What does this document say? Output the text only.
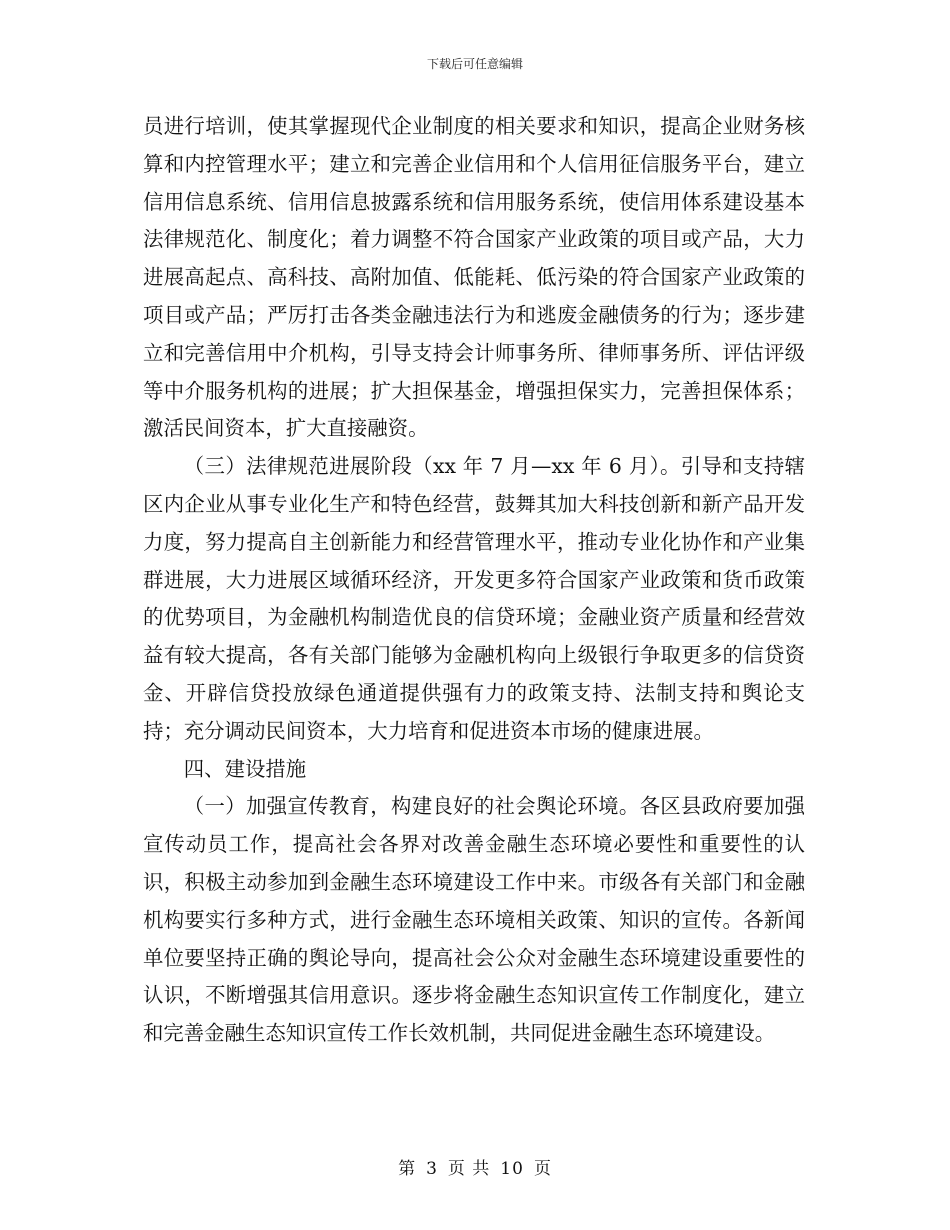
下载后可任意编辑

员进行培训，使其掌握现代企业制度的相关要求和知识，提高企业财务核算和内控管理水平；建立和完善企业信用和个人信用征信服务平台，建立信用信息系统、信用信息披露系统和信用服务系统，使信用体系建设基本法律规范化、制度化；着力调整不符合国家产业政策的项目或产品，大力进展高起点、高科技、高附加值、低能耗、低污染的符合国家产业政策的项目或产品；严厉打击各类金融违法行为和逃废金融债务的行为；逐步建立和完善信用中介机构，引导支持会计师事务所、律师事务所、评估评级等中介服务机构的进展；扩大担保基金，增强担保实力，完善担保体系；激活民间资本，扩大直接融资。

（三）法律规范进展阶段（xx 年 7 月—xx 年 6 月）。引导和支持辖区内企业从事专业化生产和特色经营，鼓舞其加大科技创新和新产品开发力度，努力提高自主创新能力和经营管理水平，推动专业化协作和产业集群进展，大力进展区域循环经济，开发更多符合国家产业政策和货币政策的优势项目，为金融机构制造优良的信贷环境；金融业资产质量和经营效益有较大提高，各有关部门能够为金融机构向上级银行争取更多的信贷资金、开辟信贷投放绿色通道提供强有力的政策支持、法制支持和舆论支持；充分调动民间资本，大力培育和促进资本市场的健康进展。

四、建设措施

（一）加强宣传教育，构建良好的社会舆论环境。各区县政府要加强宣传动员工作，提高社会各界对改善金融生态环境必要性和重要性的认识，积极主动参加到金融生态环境建设工作中来。市级各有关部门和金融机构要实行多种方式，进行金融生态环境相关政策、知识的宣传。各新闻单位要坚持正确的舆论导向，提高社会公众对金融生态环境建设重要性的认识，不断增强其信用意识。逐步将金融生态知识宣传工作制度化，建立和完善金融生态知识宣传工作长效机制，共同促进金融生态环境建设。

第 3 页 共 10 页
